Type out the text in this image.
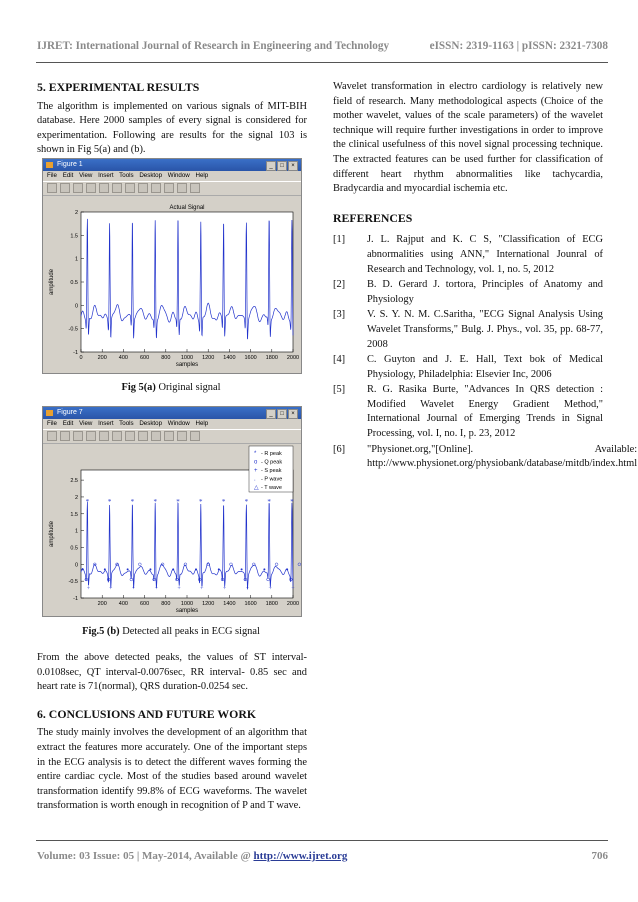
IJRET: International Journal of Research in Engineering and Technology	eISSN: 2319-1163 | pISSN: 2321-7308
5. EXPERIMENTAL RESULTS

The algorithm is implemented on various signals of MIT-BIH database. Here 2000 samples of every signal is considered for experimentation. Following are results for the signal 103 is shown in Fig 5(a) and (b).

Figure 1	_	□	×
File Edit View Insert Tools Desktop Window Help
-1
-0.5
0
0.5
1
1.5
2
0	200 400 600 800 1000 1200 1400 1600 1800 2000
Actual Signal
samples
amplitude

Fig 5(a) Original signal

Figure 7	_	□	×
File Edit View Insert Tools Desktop Window Help
-1
-0.5
0
0.5
1
1.5
2
2.5
200 400 600 800 1000 1200 1400 1600 1800 2000
samples
amplitude
*
+
*
+
*
+
*
+
*
+
*
+
*
+
*
+
*
+
*
+
* - R peak
o - Q peak
+ - S peak
. - P wave
△ - T wave

Fig.5 (b) Detected all peaks in ECG signal

From the above detected peaks, the values of ST interval-0.0108sec, QT interval-0.0076sec, RR interval- 0.85 sec and heart rate is 71(normal), QRS duration-0.0254 sec.

6. CONCLUSIONS AND FUTURE WORK

The study mainly involves the development of an algorithm that extract the features more accurately. One of the important steps in the ECG analysis is to detect the different waves forming the entire cardiac cycle. Most of the studies based around wavelet transformation identify 99.8% of ECG waveforms. The wavelet transformation is worth enough in recognition of P and T wave.

Wavelet transformation in electro cardiology is relatively new field of research. Many methodological aspects (Choice of the mother wavelet, values of the scale parameters) of the wavelet technique will require further investigations in order to improve the clinical usefulness of this novel signal processing technique. The extracted features can be used further for classification of different heart rhythm abnormalities like tachycardia, Bradycardia and myocardial ischemia etc.

REFERENCES
[1]	J. L. Rajput and K. C S, "Classification of ECG abnormalities using ANN," International Jounral of Research and Technology, vol. 1, no. 5, 2012
[2]	B. D. Gerard J. tortora, Principles of Anatomy and Physiology
[3]	V. S. Y. N. M. C.Saritha, "ECG Signal Analysis Using Wavelet Transforms," Bulg. J. Phys., vol. 35, pp. 68-77, 2008
[4]	C. Guyton and J. E. Hall, Text bok of Medical Physiology, Philadelphia: Elsevier Inc, 2006
[5]	R. G. Rasika Burte, "Advances In QRS detection : Modified Wavelet Energy Gradient Method," International Journal of Emerging Trends in Signal Processing, vol. I, no. I, p. 23, 2012
[6]	"Physionet.org,"[Online]. Available: http://www.physionet.org/physiobank/database/mitdb/index.html
Volume: 03 Issue: 05 | May-2014, Available @ http://www.ijret.org	706
